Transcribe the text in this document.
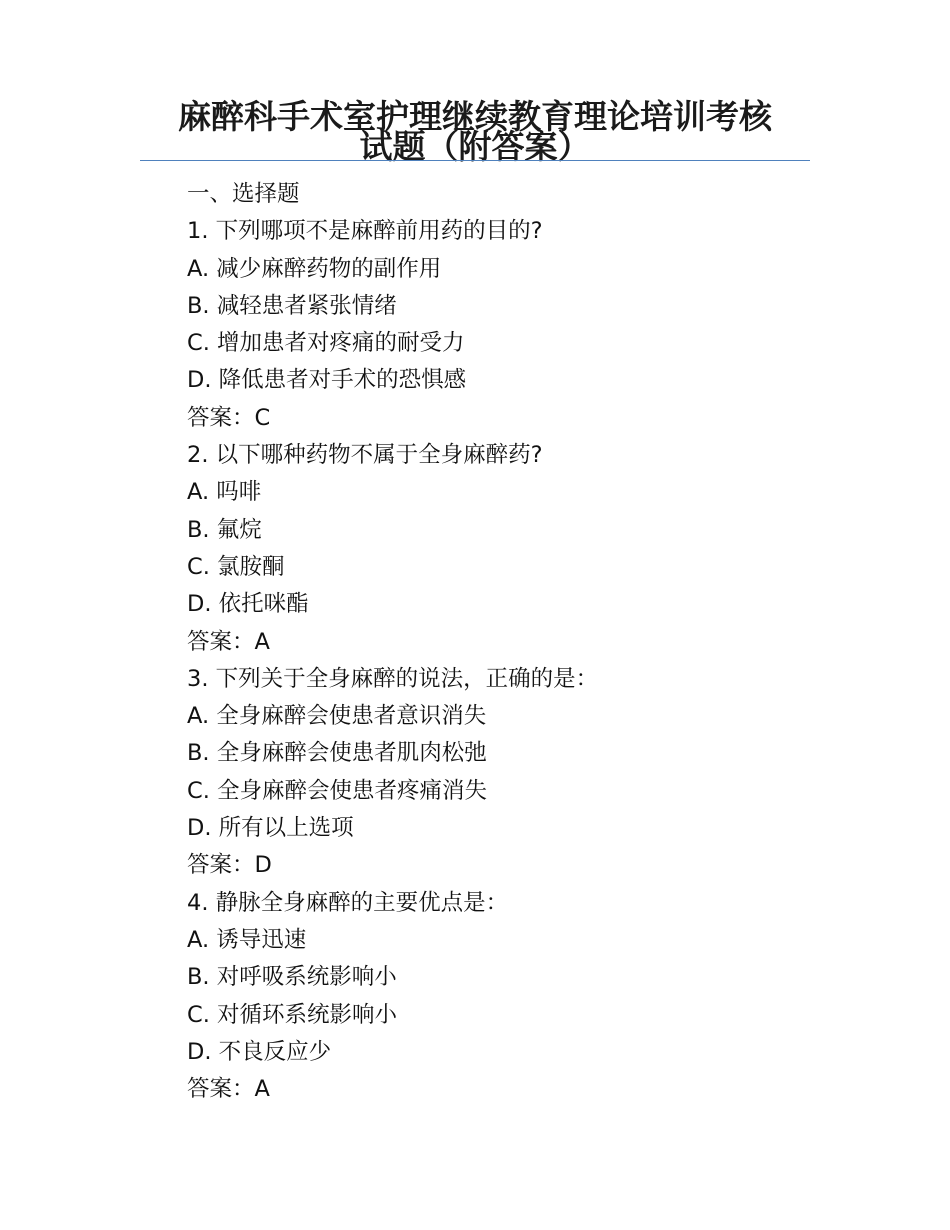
麻醉科手术室护理继续教育理论培训考核
试题（附答案）
一、选择题
1. 下列哪项不是麻醉前用药的目的?
A. 减少麻醉药物的副作用
B. 减轻患者紧张情绪
C. 增加患者对疼痛的耐受力
D. 降低患者对手术的恐惧感
答案：C
2. 以下哪种药物不属于全身麻醉药?
A. 吗啡
B. 氟烷
C. 氯胺酮
D. 依托咪酯
答案：A
3. 下列关于全身麻醉的说法，正确的是：
A. 全身麻醉会使患者意识消失
B. 全身麻醉会使患者肌肉松弛
C. 全身麻醉会使患者疼痛消失
D. 所有以上选项
答案：D
4. 静脉全身麻醉的主要优点是：
A. 诱导迅速
B. 对呼吸系统影响小
C. 对循环系统影响小
D. 不良反应少
答案：A
